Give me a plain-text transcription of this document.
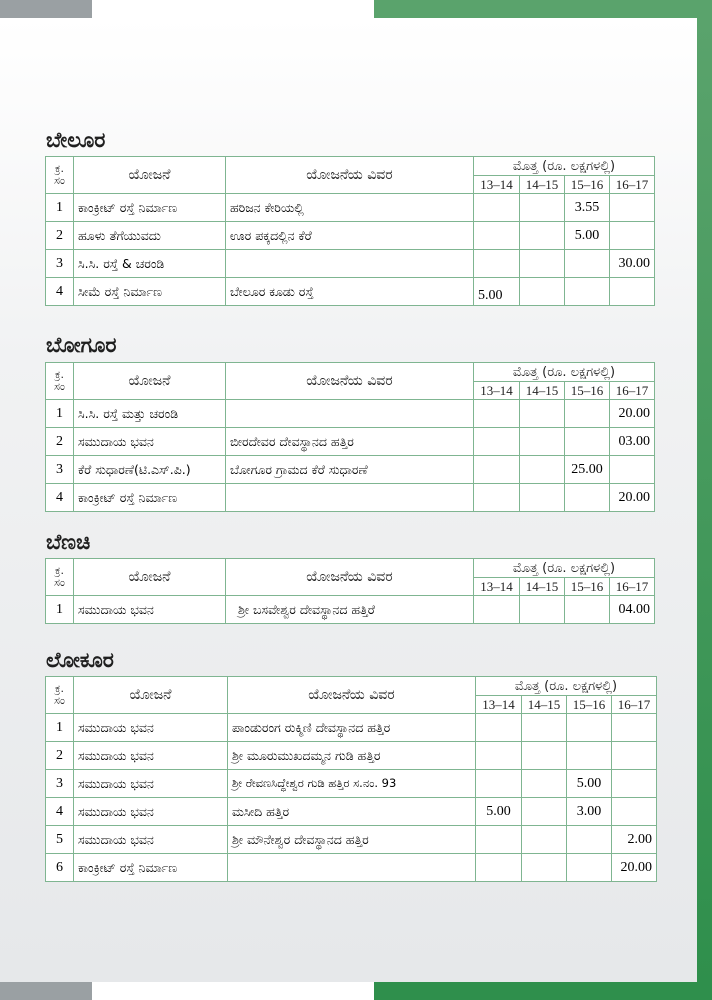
ಬೇಲೂರ
ಕ್ರ. ಸಂ	ಯೋಜನೆ	ಯೋಜನೆಯ ವಿವರ	ಮೊತ್ತ (ರೂ. ಲಕ್ಷಗಳಲ್ಲಿ)			
			13–14	14–15	15–16	16–17
1	ಕಾಂಕ್ರೀಟ್ ರಸ್ತೆ ನಿರ್ಮಾಣ	ಹರಿಜನ ಕೇರಿಯಲ್ಲಿ			3.55	
2	ಹೂಳು ತೆಗೆಯುವದು	ಊರ ಪಕ್ಕದಲ್ಲಿನ ಕೆರೆ			5.00	
3	ಸಿ.ಸಿ. ರಸ್ತೆ & ಚರಂಡಿ					30.00
4	ಸೀಮೆ ರಸ್ತೆ ನಿರ್ಮಾಣ	ಬೇಲೂರ ಕೂಡು ರಸ್ತೆ	5.00			
ಬೋಗೂರ
ಕ್ರ. ಸಂ	ಯೋಜನೆ	ಯೋಜನೆಯ ವಿವರ	ಮೊತ್ತ (ರೂ. ಲಕ್ಷಗಳಲ್ಲಿ)			
			13–14	14–15	15–16	16–17
1	ಸಿ.ಸಿ. ರಸ್ತೆ ಮತ್ತು ಚರಂಡಿ					20.00
2	ಸಮುದಾಯ ಭವನ	ಬೀರದೇವರ ದೇವಸ್ಥಾನದ ಹತ್ತಿರ				03.00
3	ಕೆರೆ ಸುಧಾರಣೆ(ಟಿ.ಎಸ್.ಪಿ.)	ಬೋಗೂರ ಗ್ರಾಮದ ಕೆರೆ ಸುಧಾರಣೆ			25.00	
4	ಕಾಂಕ್ರೀಟ್ ರಸ್ತೆ ನಿರ್ಮಾಣ					20.00
ಬೆಣಚಿ
ಕ್ರ. ಸಂ	ಯೋಜನೆ	ಯೋಜನೆಯ ವಿವರ	ಮೊತ್ತ (ರೂ. ಲಕ್ಷಗಳಲ್ಲಿ)			
			13–14	14–15	15–16	16–17
1	ಸಮುದಾಯ ಭವನ	ಶ್ರೀ ಬಸವೇಶ್ವರ ದೇವಸ್ಥಾನದ ಹತ್ತಿರೆ				04.00
ಲೋಕೂರ
ಕ್ರ. ಸಂ	ಯೋಜನೆ	ಯೋಜನೆಯ ವಿವರ	ಮೊತ್ತ (ರೂ. ಲಕ್ಷಗಳಲ್ಲಿ)			
			13–14	14–15	15–16	16–17
1	ಸಮುದಾಯ ಭವನ	ಪಾಂಡುರಂಗ ರುಕ್ಮಿಣಿ ದೇವಸ್ಥಾನದ ಹತ್ತಿರ				
2	ಸಮುದಾಯ ಭವನ	ಶ್ರೀ ಮೂರುಮುಖದಮ್ಮನ ಗುಡಿ ಹತ್ತಿರ				
3	ಸಮುದಾಯ ಭವನ	ಶ್ರೀ ರೇವಣಸಿದ್ಧೇಶ್ವರ ಗುಡಿ ಹತ್ತಿರ ಸ.ನಂ. 93			5.00	
4	ಸಮುದಾಯ ಭವನ	ಮಸೀದಿ ಹತ್ತಿರ	5.00		3.00	
5	ಸಮುದಾಯ ಭವನ	ಶ್ರೀ ಮೌನೇಶ್ವರ ದೇವಸ್ಥಾನದ ಹತ್ತಿರ				2.00
6	ಕಾಂಕ್ರೀಟ್ ರಸ್ತೆ ನಿರ್ಮಾಣ					20.00
